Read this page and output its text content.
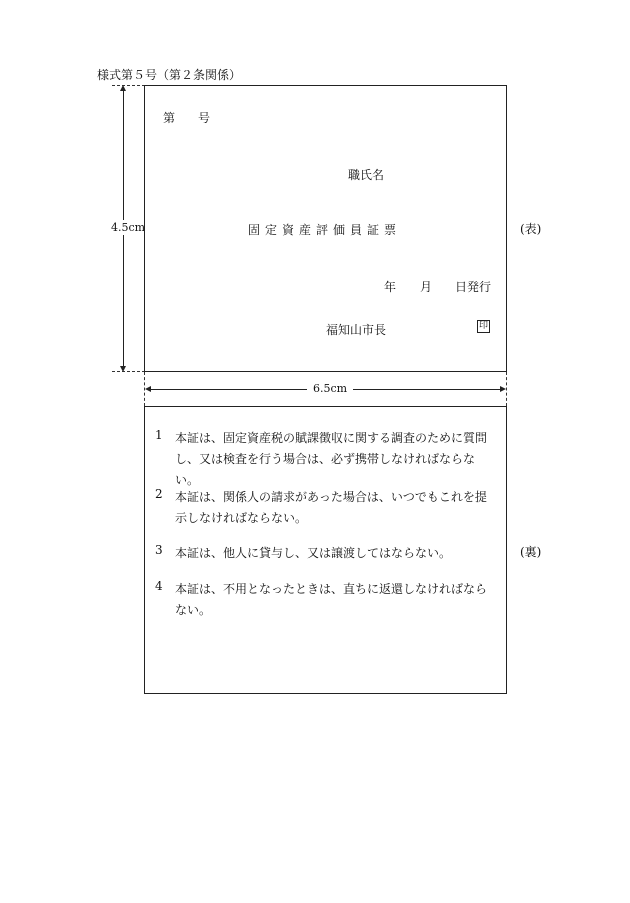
様式第５号（第２条関係）
4.5cm
第 号
職氏名
固定資産評価員証票
年 月 日発行
福知山市長	印
(表)
6.5cm
1 本証は、固定資産税の賦課徴収に関する調査のために質問し、又は検査を行う場合は、必ず携帯しなければならない。
2 本証は、関係人の請求があった場合は、いつでもこれを提示しなければならない。
3 本証は、他人に貸与し、又は譲渡してはならない。
4 本証は、不用となったときは、直ちに返還しなければならない。
(裏)
